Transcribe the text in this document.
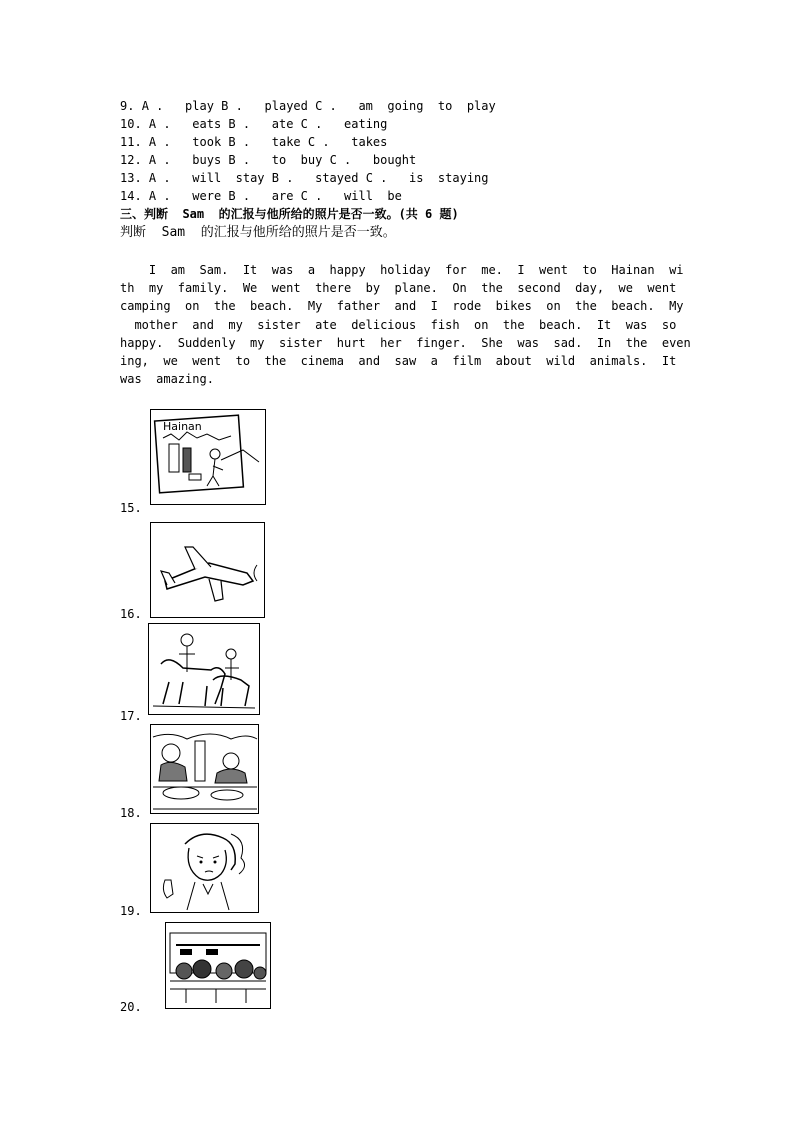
9. A .   play B .   played C .   am  going  to  play
10. A .   eats B .   ate C .   eating
11. A .   took B .   take C .   takes
12. A .   buys B .   to  buy C .   bought
13. A .   will  stay B .   stayed C .   is  staying
14. A .   were B .   are C .   will  be
三、判断  Sam  的汇报与他所给的照片是否一致。(共 6 题)
判断  Sam  的汇报与他所给的照片是否一致。
I  am  Sam.  It  was  a  happy  holiday  for  me.  I  went  to  Hainan  wi
th  my  family.  We  went  there  by  plane.  On  the  second  day,  we  went
camping  on  the  beach.  My  father  and  I  rode  bikes  on  the  beach.  My
mother  and  my  sister  ate  delicious  fish  on  the  beach.  It  was  so
happy.  Suddenly  my  sister  hurt  her  finger.  She  was  sad.  In  the  even
ing,  we  went  to  the  cinema  and  saw  a  film  about  wild  animals.  It
was  amazing.
Hainan
15.
16.
17.
18.
19.
20.
